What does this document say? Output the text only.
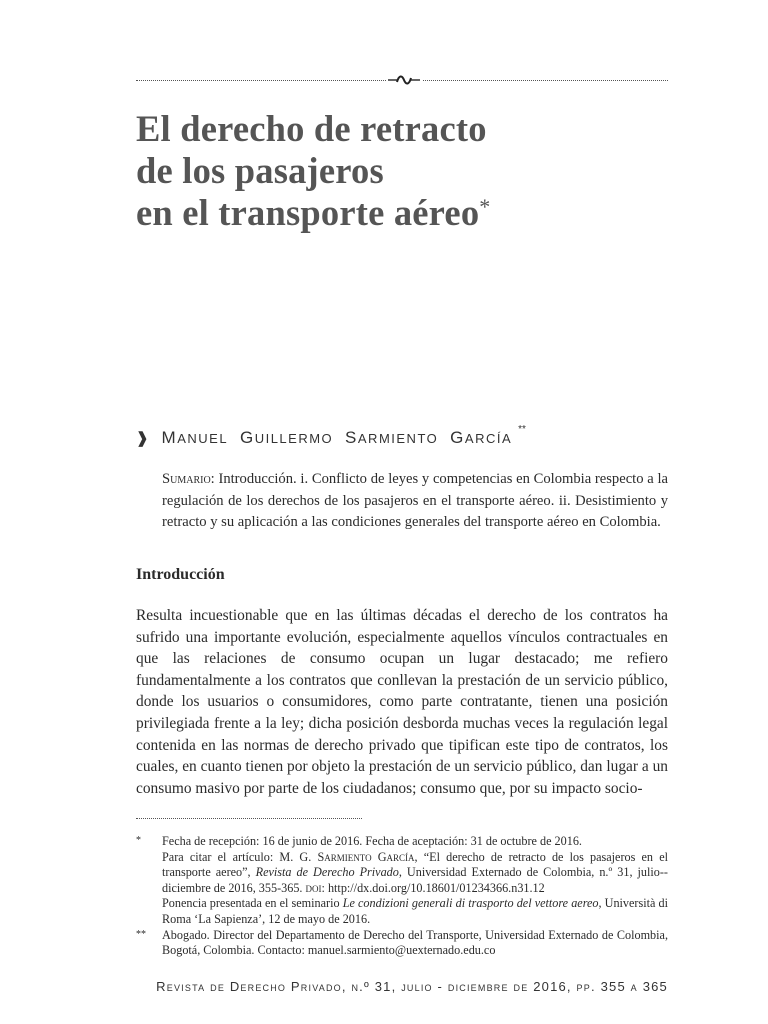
El derecho de retracto
de los pasajeros
en el transporte aéreo*
❱ MANUEL GUILLERMO SARMIENTO GARCÍA **
Sumario: Introducción. i. Conflicto de leyes y competencias en Colombia respecto a la regulación de los derechos de los pasajeros en el transporte aéreo. ii. Desistimiento y retracto y su aplicación a las condiciones generales del transporte aéreo en Colombia.
Introducción

Resulta incuestionable que en las últimas décadas el derecho de los contratos ha sufrido una importante evolución, especialmente aquellos vínculos contractuales en que las relaciones de consumo ocupan un lugar destacado; me refiero fundamentalmente a los contratos que conllevan la prestación de un servicio público, donde los usuarios o consumidores, como parte contratante, tienen una posición privilegiada frente a la ley; dicha posición desborda muchas veces la regulación legal contenida en las normas de derecho privado que tipifican este tipo de contratos, los cuales, en cuanto tienen por objeto la prestación de un servicio público, dan lugar a un consumo masivo por parte de los ciudadanos; consumo que, por su impacto socio-

* Fecha de recepción: 16 de junio de 2016. Fecha de aceptación: 31 de octubre de 2016.
Para citar el artículo: M. G. Sarmiento García, “El derecho de retracto de los pasajeros en el transporte aereo”, Revista de Derecho Privado, Universidad Externado de Colombia, n.º 31, julio--diciembre de 2016, 355-365. doi: http://dx.doi.org/10.18601/01234366.n31.12
Ponencia presentada en el seminario Le condizioni generali di trasporto del vettore aereo, Università di Roma ‘La Sapienza’, 12 de mayo de 2016.
** Abogado. Director del Departamento de Derecho del Transporte, Universidad Externado de Colombia, Bogotá, Colombia. Contacto: manuel.sarmiento@uexternado.edu.co
Revista de Derecho Privado, n.º 31, julio - diciembre de 2016, pp. 355 a 365
